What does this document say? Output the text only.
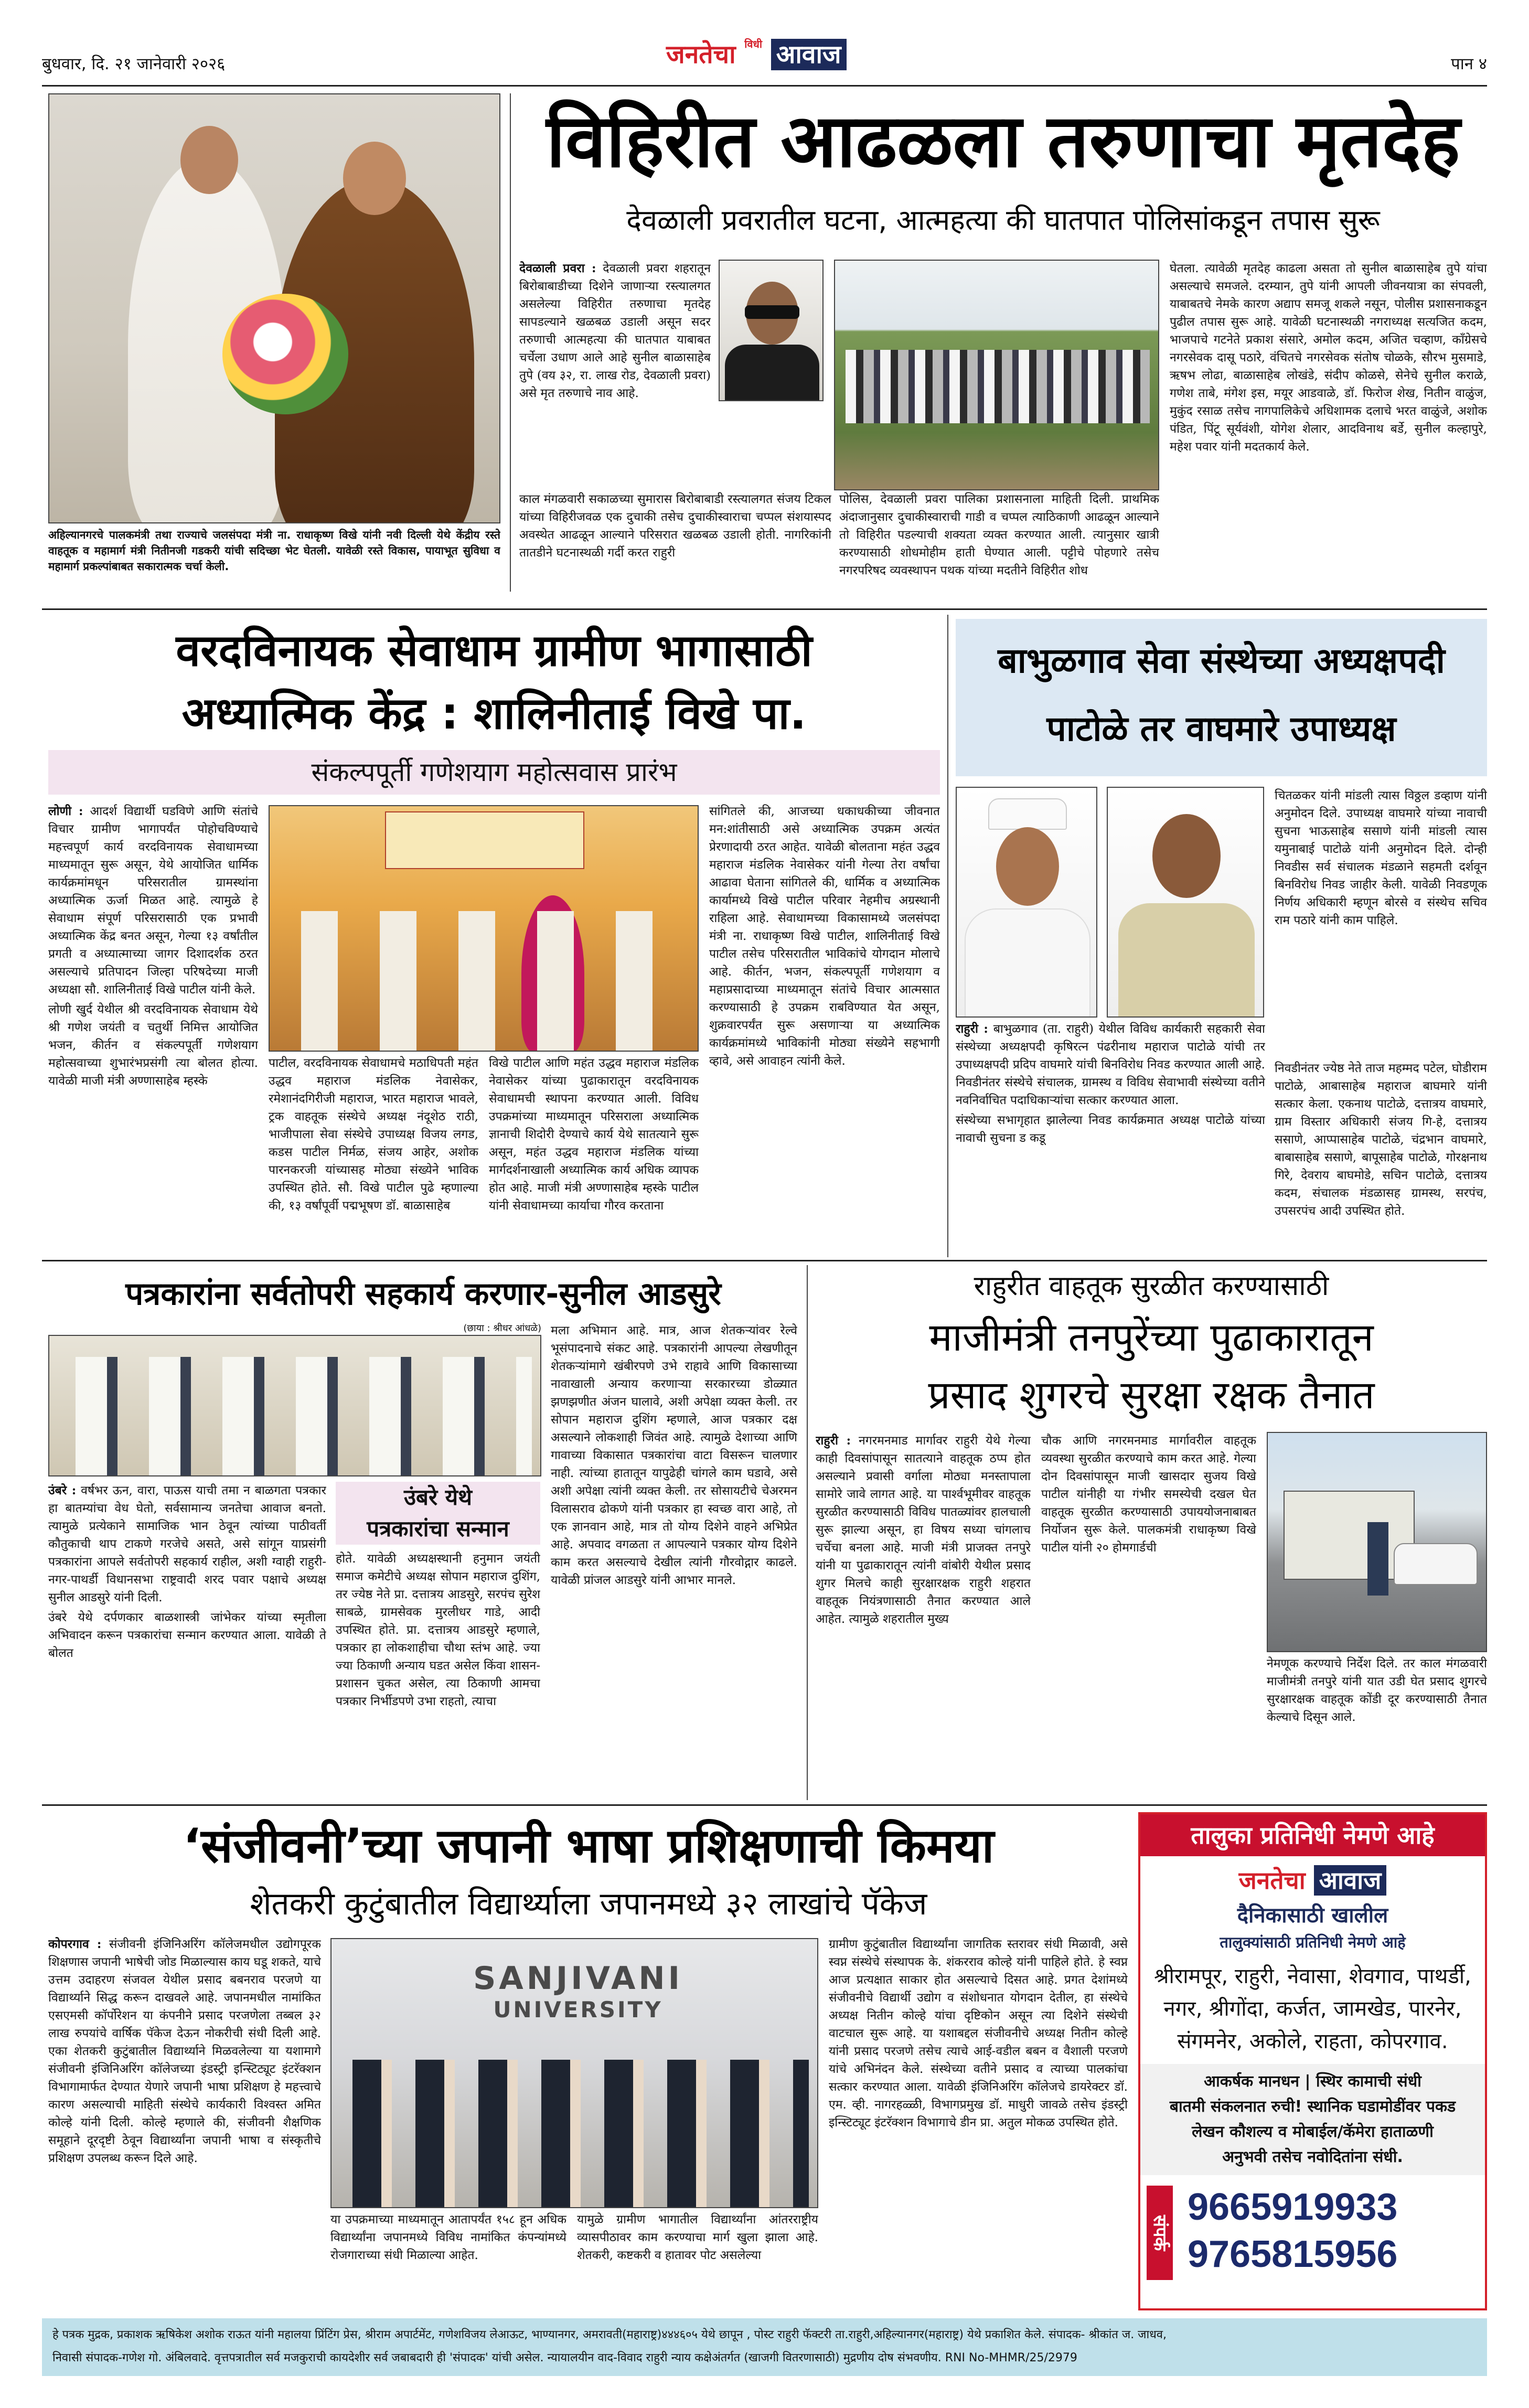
बुधवार, दि. २१ जानेवारी २०२६	जनतेचा $^{विधी}$ आवाज	पान ४
अहिल्यानगरचे पालकमंत्री तथा राज्याचे जलसंपदा मंत्री ना. राधाकृष्ण विखे यांनी नवी दिल्ली येथे केंद्रीय रस्ते वाहतूक व महामार्ग मंत्री नितीनजी गडकरी यांची सदिच्छा भेट घेतली. यावेळी रस्ते विकास, पायाभूत सुविधा व महामार्ग प्रकल्पांबाबत सकारात्मक चर्चा केली.
विहिरीत आढळला तरुणाचा मृतदेह
देवळाली प्रवरातील घटना, आत्महत्या की घातपात पोलिसांकडून तपास सुरू

देवळाली प्रवरा : देवळाली प्रवरा शहरातून बिरोबाबाडीच्या दिशेने जाणाऱ्या रस्त्यालगत असलेल्या विहिरीत तरुणाचा मृतदेह सापडल्याने खळबळ उडाली असून सदर तरुणाची आत्महत्या की घातपात याबाबत चर्चेला उधाण आले आहे सुनील बाळासाहेब तुपे (वय ३२, रा. लाख रोड, देवळाली प्रवरा) असे मृत तरुणाचे नाव आहे.

काल मंगळवारी सकाळच्या सुमारास बिरोबाबाडी रस्त्यालगत संजय टिकल यांच्या विहिरीजवळ एक दुचाकी तसेच दुचाकीस्वाराचा चप्पल संशयास्पद अवस्थेत आढळून आल्याने परिसरात खळबळ उडाली होती. नागरिकांनी तातडीने घटनास्थळी गर्दी करत राहुरी
पोलिस, देवळाली प्रवरा पालिका प्रशासनाला माहिती दिली. प्राथमिक अंदाजानुसार दुचाकीस्वाराची गाडी व चप्पल त्याठिकाणी आढळून आल्याने तो विहिरीत पडल्याची शक्यता व्यक्त करण्यात आली. त्यानुसार खात्री करण्यासाठी शोधमोहीम हाती घेण्यात आली. पट्टीचे पोहणारे तसेच नगरपरिषद व्यवस्थापन पथक यांच्या मदतीने विहिरीत शोध
घेतला. त्यावेळी मृतदेह काढला असता तो सुनील बाळासाहेब तुपे यांचा असल्याचे समजले. दरम्यान, तुपे यांनी आपली जीवनयात्रा का संपवली, याबाबतचे नेमके कारण अद्याप समजू शकले नसून, पोलीस प्रशासनाकडून पुढील तपास सुरू आहे. यावेळी घटनास्थळी नगराध्यक्ष सत्यजित कदम, भाजपाचे गटनेते प्रकाश संसारे, अमोल कदम, अजित चव्हाण, काँग्रेसचे नगरसेवक दासू पठारे, वंचितचे नगरसेवक संतोष चोळके, सौरभ मुसमाडे, ऋषभ लोढा, बाळासाहेब लोखंडे, संदीप कोळसे, सेनेचे सुनील कराळे, गणेश ताबे, मंगेश इस, मयूर आडवाळे, डॉ. फिरोज शेख, नितीन वाळुंज, मुकुंद रसाळ तसेच नागपालिकेचे अधिशामक दलाचे भरत वाळुंजे, अशोक पंडित, पिंटू सूर्यवंशी, योगेश शेलार, आदविनाथ बर्डे, सुनील कल्हापुरे, महेश पवार यांनी मदतकार्य केले.
वरदविनायक सेवाधाम ग्रामीण भागासाठी
अध्यात्मिक केंद्र : शालिनीताई विखे पा.
संकल्पपूर्ती गणेशयाग महोत्सवास प्रारंभ

लोणी : आदर्श विद्यार्थी घडविणे आणि संतांचे विचार ग्रामीण भागापर्यंत पोहोचविण्याचे महत्त्वपूर्ण कार्य वरदविनायक सेवाधामच्या माध्यमातून सुरू असून, येथे आयोजित धार्मिक कार्यक्रमांमधून परिसरातील ग्रामस्थांना अध्यात्मिक ऊर्जा मिळत आहे. त्यामुळे हे सेवाधाम संपूर्ण परिसरासाठी एक प्रभावी अध्यात्मिक केंद्र बनत असून, गेल्या १३ वर्षांतील प्रगती व अध्यात्माच्या जागर दिशादर्शक ठरत असल्याचे प्रतिपादन जिल्हा परिषदेच्या माजी अध्यक्षा सौ. शालिनीताई विखे पाटील यांनी केले.

लोणी खुर्द येथील श्री वरदविनायक सेवाधाम येथे श्री गणेश जयंती व चतुर्थी निमित्त आयोजित भजन, कीर्तन व संकल्पपूर्ती गणेशयाग महोत्सवाच्या शुभारंभप्रसंगी त्या बोलत होत्या. यावेळी माजी मंत्री अण्णासाहेब म्हस्के

पाटील, वरदविनायक सेवाधामचे मठाधिपती महंत उद्धव महाराज मंडलिक नेवासेकर, रमेशानंदगिरीजी महाराज, भारत महाराज भावले, ट्रक वाहतूक संस्थेचे अध्यक्ष नंदूशेठ राठी, भाजीपाला सेवा संस्थेचे उपाध्यक्ष विजय लगड, कडस पाटील निर्मळ, संजय आहेर, अशोक पारनकरजी यांच्यासह मोठ्या संख्येने भाविक उपस्थित होते. सौ. विखे पाटील पुढे म्हणाल्या की, १३ वर्षांपूर्वी पद्मभूषण डॉ. बाळासाहेब
विखे पाटील आणि महंत उद्धव महाराज मंडलिक नेवासेकर यांच्या पुढाकारातून वरदविनायक सेवाधामची स्थापना करण्यात आली. विविध उपक्रमांच्या माध्यमातून परिसराला अध्यात्मिक ज्ञानाची शिदोरी देण्याचे कार्य येथे सातत्याने सुरू असून, महंत उद्धव महाराज मंडलिक यांच्या मार्गदर्शनाखाली अध्यात्मिक कार्य अधिक व्यापक होत आहे. माजी मंत्री अण्णासाहेब म्हस्के पाटील यांनी सेवाधामच्या कार्याचा गौरव करताना
सांगितले की, आजच्या धकाधकीच्या जीवनात मन:शांतीसाठी असे अध्यात्मिक उपक्रम अत्यंत प्रेरणादायी ठरत आहेत. यावेळी बोलताना महंत उद्धव महाराज मंडलिक नेवासेकर यांनी गेल्या तेरा वर्षांचा आढावा घेताना सांगितले की, धार्मिक व अध्यात्मिक कार्यामध्ये विखे पाटील परिवार नेहमीच अग्रस्थानी राहिला आहे. सेवाधामच्या विकासामध्ये जलसंपदा मंत्री ना. राधाकृष्ण विखे पाटील, शालिनीताई विखे पाटील तसेच परिसरातील भाविकांचे योगदान मोलाचे आहे. कीर्तन, भजन, संकल्पपूर्ती गणेशयाग व महाप्रसादाच्या माध्यमातून संतांचे विचार आत्मसात करण्यासाठी हे उपक्रम राबविण्यात येत असून, शुक्रवारपर्यंत सुरू असणाऱ्या या अध्यात्मिक कार्यक्रमांमध्ये भाविकांनी मोठ्या संख्येने सहभागी व्हावे, असे आवाहन त्यांनी केले.
बाभुळगाव सेवा संस्थेच्या अध्यक्षपदी
पाटोळे तर वाघमारे उपाध्यक्ष

राहुरी : बाभुळगाव (ता. राहुरी) येथील विविध कार्यकारी सहकारी सेवा संस्थेच्या अध्यक्षपदी कृषिरत्न पंढरीनाथ महाराज पाटोळे यांची तर उपाध्यक्षपदी प्रदिप वाघमारे यांची बिनविरोध निवड करण्यात आली आहे. निवडीनंतर संस्थेचे संचालक, ग्रामस्थ व विविध सेवाभावी संस्थेच्या वतीने नवनिर्वाचित पदाधिकाऱ्यांचा सत्कार करण्यात आला.

संस्थेच्या सभागृहात झालेल्या निवड कार्यक्रमात अध्यक्ष पाटोळे यांच्या नावाची सुचना ड कडू

चितळकर यांनी मांडली त्यास विठ्ठल डव्हाण यांनी अनुमोदन दिले. उपाध्यक्ष वाघमारे यांच्या नावाची सुचना भाऊसाहेब ससाणे यांनी मांडली त्यास यमुनाबाई पाटोळे यांनी अनुमोदन दिले. दोन्ही निवडीस सर्व संचालक मंडळाने सहमती दर्शवून बिनविरोध निवड जाहीर केली. यावेळी निवडणूक निर्णय अधिकारी म्हणून बोरसे व संस्थेच सचिव राम पठारे यांनी काम पाहिले.
निवडीनंतर ज्येष्ठ नेते ताज महम्मद पटेल, घोडीराम पाटोळे, आबासाहेब महाराज बाघमारे यांनी सत्कार केला. एकनाथ पाटोळे, दत्तात्रय वाघमारे, ग्राम विस्तार अधिकारी संजय गि-हे, दत्तात्रय ससाणे, आप्पासाहेब पाटोळे, चंद्रभान वाघमारे, बाबासाहेब ससाणे, बापूसाहेब पाटोळे, गोरक्षनाथ गिरे, देवराय बाघमोडे, सचिन पाटोळे, दत्तात्रय कदम, संचालक मंडळासह ग्रामस्थ, सरपंच, उपसरपंच आदी उपस्थित होते.
पत्रकारांना सर्वतोपरी सहकार्य करणार-सुनील आडसुरे
(छाया : श्रीधर आंधळे)

उंबरे : वर्षभर ऊन, वारा, पाऊस याची तमा न बाळगता पत्रकार हा बातम्यांचा वेध घेतो, सर्वसामान्य जनतेचा आवाज बनतो. त्यामुळे प्रत्येकाने सामाजिक भान ठेवून त्यांच्या पाठीवर्ती कौतुकाची थाप टाकणे गरजेचे असते, असे सांगून याप्रसंगी पत्रकारांना आपले सर्वतोपरी सहकार्य राहील, अशी ग्वाही राहुरी-नगर-पाथर्डी विधानसभा राष्ट्रवादी शरद पवार पक्षाचे अध्यक्ष सुनील आडसुरे यांनी दिली.

उंबरे येथे दर्पणकार बाळशास्त्री जांभेकर यांच्या स्मृतीला अभिवादन करून पत्रकारांचा सन्मान करण्यात आला. यावेळी ते बोलत

उंबरे येथे
पत्रकारांचा सन्मान
होते. यावेळी अध्यक्षस्थानी हनुमान जयंती समाज कमेटीचे अध्यक्ष सोपान महाराज दुशिंग, तर ज्येष्ठ नेते प्रा. दत्तात्रय आडसुरे, सरपंच सुरेश साबळे, ग्रामसेवक मुरलीधर गाडे, आदी उपस्थित होते. प्रा. दत्तात्रय आडसुरे म्हणाले, पत्रकार हा लोकशाहीचा चौथा स्तंभ आहे. ज्या ज्या ठिकाणी अन्याय घडत असेल किंवा शासन-प्रशासन चुकत असेल, त्या ठिकाणी आमचा पत्रकार निर्भीडपणे उभा राहतो, त्याचा
मला अभिमान आहे. मात्र, आज शेतकऱ्यांवर रेल्वे भूसंपादनाचे संकट आहे. पत्रकारांनी आपल्या लेखणीतून शेतकऱ्यांमागे खंबीरपणे उभे राहावे आणि विकासाच्या नावाखाली अन्याय करणाऱ्या सरकारच्या डोळ्यात झणझणीत अंजन घालावे, अशी अपेक्षा व्यक्त केली. तर सोपान महाराज दुशिंग म्हणाले, आज पत्रकार दक्ष असल्याने लोकशाही जिवंत आहे. त्यामुळे देशाच्या आणि गावाच्या विकासात पत्रकारांचा वाटा विसरून चालणार नाही. त्यांच्या हातातून यापुढेही चांगले काम घडावे, असे अशी अपेक्षा त्यांनी व्यक्त केली. तर सोसायटीचे चेअरमन विलासराव ढोकणे यांनी पत्रकार हा स्वच्छ वारा आहे, तो एक ज्ञानवान आहे, मात्र तो योग्य दिशेने वाहने अभिप्रेत आहे. अपवाद वगळता त आपल्याने पत्रकार योग्य दिशेने काम करत असल्याचे देखील त्यांनी गौरवोद्गार काढले. यावेळी प्रांजल आडसुरे यांनी आभार मानले.
राहुरीत वाहतूक सुरळीत करण्यासाठी
माजीमंत्री तनपुरेंच्या पुढाकारातून
प्रसाद शुगरचे सुरक्षा रक्षक तैनात

राहुरी : नगरमनमाड मार्गावर राहुरी येथे गेल्या काही दिवसांपासून सातत्याने वाहतूक ठप्प होत असल्याने प्रवासी वर्गाला मोठ्या मनस्तापाला सामोरे जावे लागत आहे. या पार्श्वभूमीवर वाहतूक सुरळीत करण्यासाठी विविध पातळ्यांवर हालचाली सुरू झाल्या असून, हा विषय सध्या चांगलाच चर्चेचा बनला आहे. माजी मंत्री प्राजक्त तनपुरे यांनी या पुढाकारातून त्यांनी वांबोरी येथील प्रसाद शुगर मिलचे काही सुरक्षारक्षक राहुरी शहरात वाहतूक नियंत्रणासाठी तैनात करण्यात आले आहेत. त्यामुळे शहरातील मुख्य

चौक आणि नगरमनमाड मार्गावरील वाहतूक व्यवस्था सुरळीत करण्याचे काम करत आहे. गेल्या दोन दिवसांपासून माजी खासदार सुजय विखे पाटील यांनीही या गंभीर समस्येची दखल घेत वाहतूक सुरळीत करण्यासाठी उपाययोजनाबाबत निर्योजन सुरू केले. पालकमंत्री राधाकृष्ण विखे पाटील यांनी २० होमगार्डची
नेमणूक करण्याचे निर्देश दिले. तर काल मंगळवारी माजीमंत्री तनपुरे यांनी यात उडी घेत प्रसाद शुगरचे सुरक्षारक्षक वाहतूक कोंडी दूर करण्यासाठी तैनात केल्याचे दिसून आले.
‘संजीवनी’च्या जपानी भाषा प्रशिक्षणाची किमया
शेतकरी कुटुंबातील विद्यार्थ्याला जपानमध्ये ३२ लाखांचे पॅकेज

कोपरगाव : संजीवनी इंजिनिअरिंग कॉलेजमधील उद्योगपूरक शिक्षणास जपानी भाषेची जोड मिळाल्यास काय घडू शकते, याचे उत्तम उदाहरण संजवल येथील प्रसाद बबनराव परजणे या विद्यार्थ्याने सिद्ध करून दाखवले आहे. जपानमधील नामांकित एसएमसी कॉर्पोरेशन या कंपनीने प्रसाद परजणेला तब्बल ३२ लाख रुपयांचे वार्षिक पॅकेज देऊन नोकरीची संधी दिली आहे. एका शेतकरी कुटुंबातील विद्यार्थ्याने मिळवलेल्या या यशामागे संजीवनी इंजिनिअरिंग कॉलेजच्या इंडस्ट्री इन्स्टिट्यूट इंटरॅक्शन विभागामार्फत देण्यात येणारे जपानी भाषा प्रशिक्षण हे महत्त्वाचे कारण असल्याची माहिती संस्थेचे कार्यकारी विश्वस्त अमित कोल्हे यांनी दिली. कोल्हे म्हणाले की, संजीवनी शैक्षणिक समूहाने दूरदृष्टी ठेवून विद्यार्थ्यांना जपानी भाषा व संस्कृतीचे प्रशिक्षण उपलब्ध करून दिले आहे.

SANJIVANI
UNIVERSITY
या उपक्रमाच्या माध्यमातून आतापर्यंत १५८ हून अधिक विद्यार्थ्यांना जपानमध्ये विविध नामांकित कंपन्यांमध्ये रोजगाराच्या संधी मिळाल्या आहेत.
यामुळे ग्रामीण भागातील विद्यार्थ्यांना आंतरराष्ट्रीय व्यासपीठावर काम करण्याचा मार्ग खुला झाला आहे. शेतकरी, कष्टकरी व हातावर पोट असलेल्या
ग्रामीण कुटुंबातील विद्यार्थ्यांना जागतिक स्तरावर संधी मिळावी, असे स्वप्न संस्थेचे संस्थापक के. शंकरराव कोल्हे यांनी पाहिले होते. हे स्वप्न आज प्रत्यक्षात साकार होत असल्याचे दिसत आहे. प्रगत देशांमध्ये संजीवनीचे विद्यार्थी उद्योग व संशोधनात योगदान देतील, हा संस्थेचे अध्यक्ष नितीन कोल्हे यांचा दृष्टिकोन असून त्या दिशेने संस्थेची वाटचाल सुरू आहे. या यशाबद्दल संजीवनीचे अध्यक्ष नितीन कोल्हे यांनी प्रसाद परजणे तसेच त्याचे आई-वडील बबन व वैशाली परजणे यांचे अभिनंदन केले. संस्थेच्या वतीने प्रसाद व त्याच्या पालकांचा सत्कार करण्यात आला. यावेळी इंजिनिअरिंग कॉलेजचे डायरेक्टर डॉ. एम. व्ही. नागरहळ्ळी, विभागप्रमुख डॉ. माधुरी जावळे तसेच इंडस्ट्री इन्स्टिट्यूट इंटरॅक्शन विभागाचे डीन प्रा. अतुल मोकळ उपस्थित होते.
तालुका प्रतिनिधी नेमणे आहे
जनतेचा आवाज
दैनिकासाठी खालील
तालुक्यांसाठी प्रतिनिधी नेमणे आहे
श्रीरामपूर, राहुरी, नेवासा, शेवगाव, पाथर्डी, नगर, श्रीगोंदा, कर्जत, जामखेड, पारनेर, संगमनेर, अकोले, राहता, कोपरगाव.
आकर्षक मानधन | स्थिर कामाची संधी
बातमी संकलनात रुची! स्थानिक घडामोडींवर पकड
लेखन कौशल्य व मोबाईल/कॅमेरा हाताळणी
अनुभवी तसेच नवोदितांना संधी.
संपर्क
9665919933
9765815956
हे पत्रक मुद्रक, प्रकाशक ऋषिकेश अशोक राऊत यांनी महालया प्रिंटिंग प्रेस, श्रीराम अपार्टमेंट, गणेशविजय लेआऊट, भाण्यानगर, अमरावती(महाराष्ट्र)४४४६०५ येथे छापून , पोस्ट राहुरी फॅक्टरी ता.राहुरी,अहिल्यानगर(महाराष्ट्र) येथे प्रकाशित केले. संपादक- श्रीकांत ज. जाधव,
निवासी संपादक-गणेश गो. अंबिलवादे. वृत्तपत्रातील सर्व मजकुराची कायदेशीर सर्व जबाबदारी ही 'संपादक' यांची असेल. न्यायालयीन वाद-विवाद राहुरी न्याय कक्षेअंतर्गत (खाजगी वितरणासाठी) मुद्रणीय दोष संभवणीय. RNI No-MHMR/25/2979
